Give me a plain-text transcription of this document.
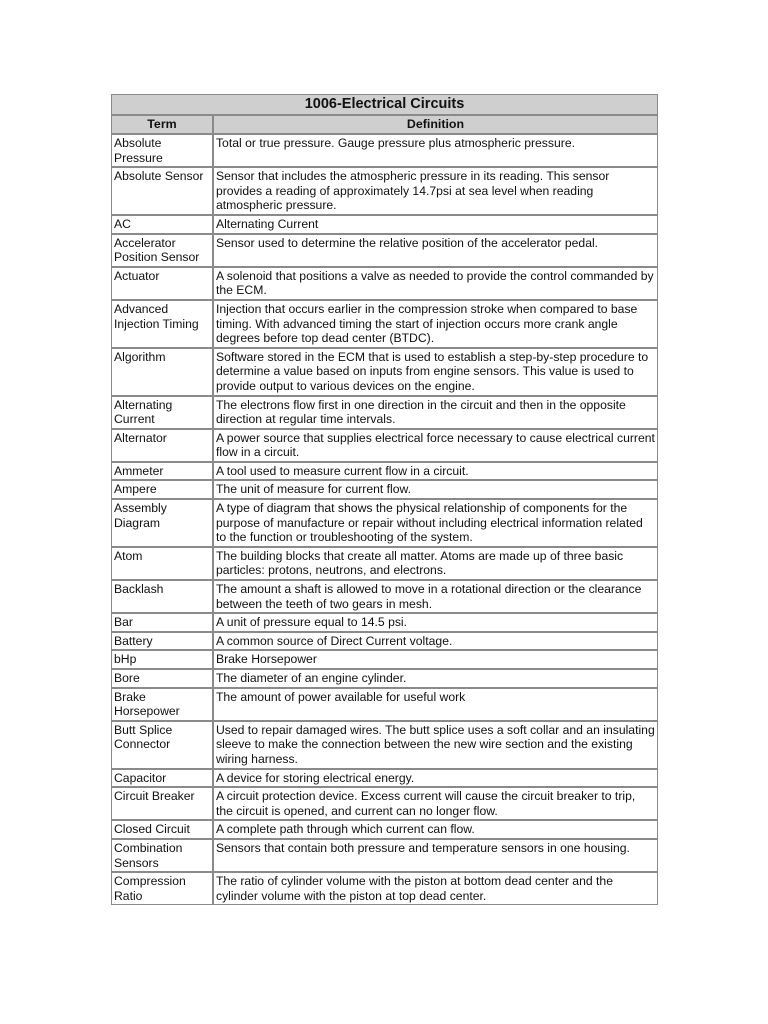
1006-Electrical Circuits	
Term	Definition
Absolute Pressure	Total or true pressure. Gauge pressure plus atmospheric pressure.
Absolute Sensor	Sensor that includes the atmospheric pressure in its reading. This sensor provides a reading of approximately 14.7psi at sea level when reading atmospheric pressure.
AC	Alternating Current
Accelerator Position Sensor	Sensor used to determine the relative position of the accelerator pedal.
Actuator	A solenoid that positions a valve as needed to provide the control commanded by the ECM.
Advanced Injection Timing	Injection that occurs earlier in the compression stroke when compared to base timing. With advanced timing the start of injection occurs more crank angle degrees before top dead center (BTDC).
Algorithm	Software stored in the ECM that is used to establish a step-by-step procedure to determine a value based on inputs from engine sensors. This value is used to provide output to various devices on the engine.
Alternating Current	The electrons flow first in one direction in the circuit and then in the opposite direction at regular time intervals.
Alternator	A power source that supplies electrical force necessary to cause electrical current flow in a circuit.
Ammeter	A tool used to measure current flow in a circuit.
Ampere	The unit of measure for current flow.
Assembly Diagram	A type of diagram that shows the physical relationship of components for the purpose of manufacture or repair without including electrical information related to the function or troubleshooting of the system.
Atom	The building blocks that create all matter. Atoms are made up of three basic particles: protons, neutrons, and electrons.
Backlash	The amount a shaft is allowed to move in a rotational direction or the clearance between the teeth of two gears in mesh.
Bar	A unit of pressure equal to 14.5 psi.
Battery	A common source of Direct Current voltage.
bHp	Brake Horsepower
Bore	The diameter of an engine cylinder.
Brake Horsepower	The amount of power available for useful work
Butt Splice Connector	Used to repair damaged wires. The butt splice uses a soft collar and an insulating sleeve to make the connection between the new wire section and the existing wiring harness.
Capacitor	A device for storing electrical energy.
Circuit Breaker	A circuit protection device. Excess current will cause the circuit breaker to trip, the circuit is opened, and current can no longer flow.
Closed Circuit	A complete path through which current can flow.
Combination Sensors	Sensors that contain both pressure and temperature sensors in one housing.
Compression Ratio	The ratio of cylinder volume with the piston at bottom dead center and the cylinder volume with the piston at top dead center.
